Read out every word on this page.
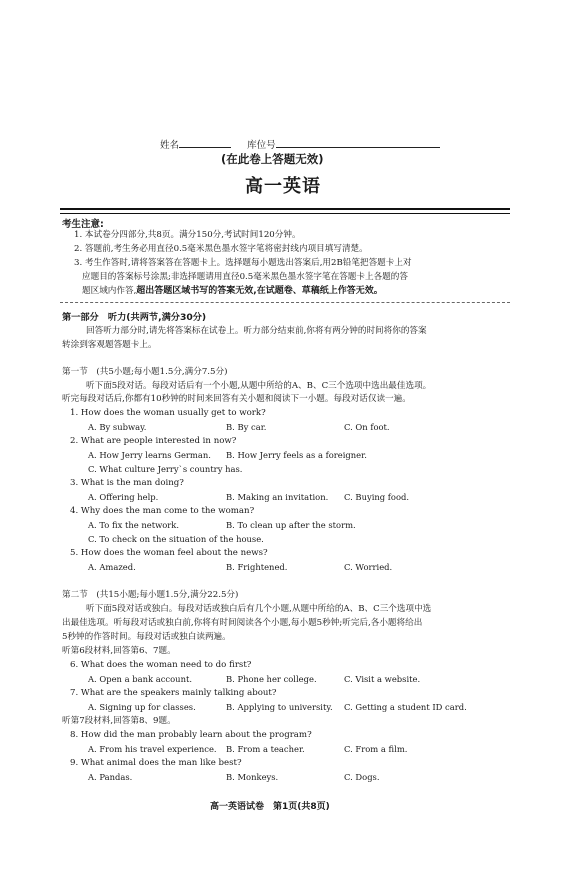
姓名	库位号
(在此卷上答题无效)
高一英语
考生注意:
1. 本试卷分四部分,共8页。满分150分,考试时间120分钟。
2. 答题前,考生务必用直径0.5毫米黑色墨水签字笔将密封线内项目填写清楚。
3. 考生作答时,请将答案答在答题卡上。选择题每小题选出答案后,用2B铅笔把答题卡上对
应题目的答案标号涂黑;非选择题请用直径0.5毫米黑色墨水签字笔在答题卡上各题的答
题区域内作答,超出答题区域书写的答案无效,在试题卷、草稿纸上作答无效。
第一部分　听力(共两节,满分30分)
回答听力部分时,请先将答案标在试卷上。听力部分结束前,你将有两分钟的时间将你的答案
转涂到客观题答题卡上。
第一节　(共5小题;每小题1.5分,满分7.5分)
听下面5段对话。每段对话后有一个小题,从题中所给的A、B、C三个选项中选出最佳选项。
听完每段对话后,你都有10秒钟的时间来回答有关小题和阅读下一小题。每段对话仅读一遍。
1. How does the woman usually get to work?
A. By subway.	B. By car.	C. On foot.
2. What are people interested in now?
A. How Jerry learns German. B. How Jerry feels as a foreigner.
C. What culture Jerry`s country has.
3. What is the man doing?
A. Offering help.	B. Making an invitation. C. Buying food.
4. Why does the man come to the woman?
A. To fix the network.	B. To clean up after the storm.
C. To check on the situation of the house.
5. How does the woman feel about the news?
A. Amazed.	B. Frightened.	C. Worried.
第二节　(共15小题;每小题1.5分,满分22.5分)
听下面5段对话或独白。每段对话或独白后有几个小题,从题中所给的A、B、C三个选项中选
出最佳选项。听每段对话或独白前,你将有时间阅读各个小题,每小题5秒钟;听完后,各小题将给出
5秒钟的作答时间。每段对话或独白读两遍。
听第6段材料,回答第6、7题。
6. What does the woman need to do first?
A. Open a bank account.	B. Phone her college.	C. Visit a website.
7. What are the speakers mainly talking about?
A. Signing up for classes.	B. Applying to university. C. Getting a student ID card.
听第7段材料,回答第8、9题。
8. How did the man probably learn about the program?
A. From his travel experience. B. From a teacher.	C. From a film.
9. What animal does the man like best?
A. Pandas.	B. Monkeys.	C. Dogs.
高一英语试卷　第1页(共8页)
